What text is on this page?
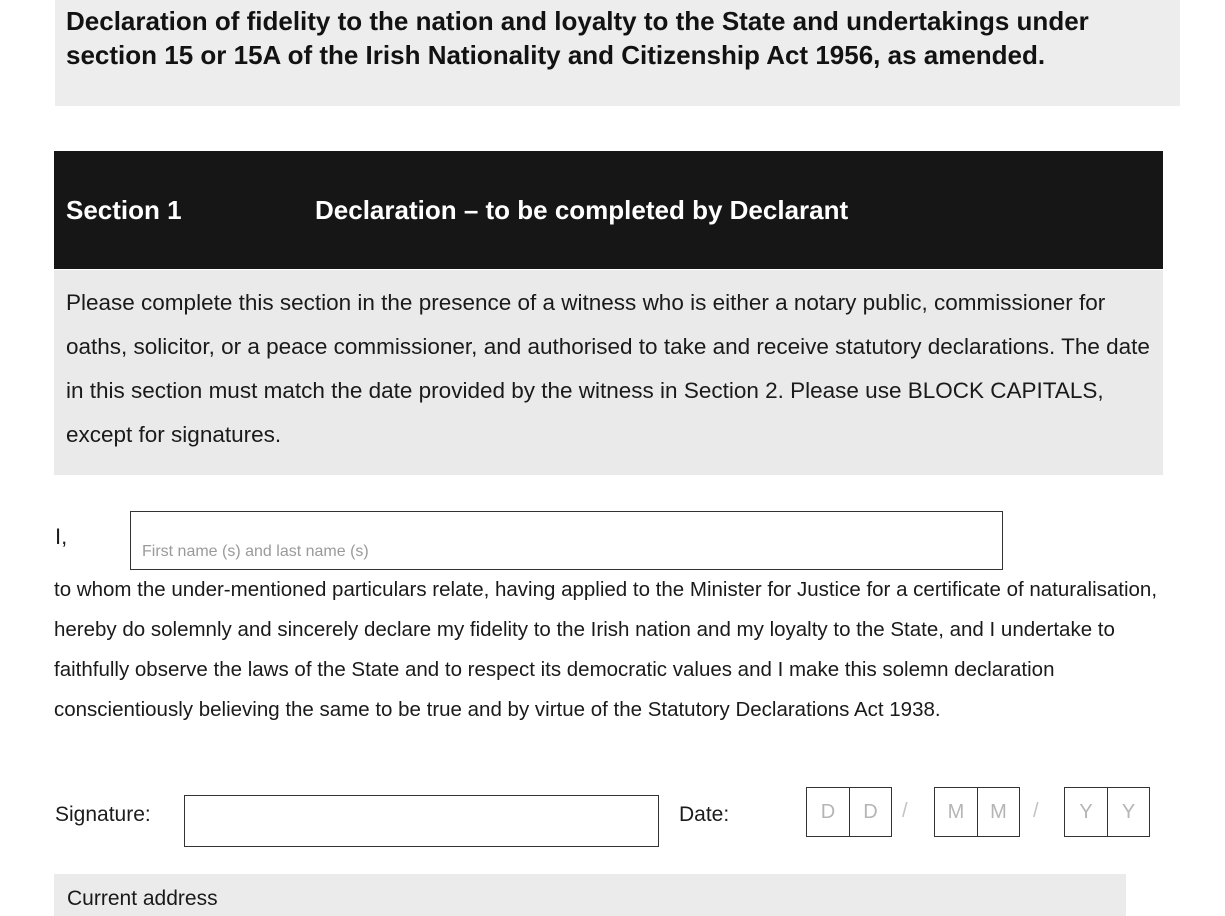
Declaration of fidelity to the nation and loyalty to the State and undertakings under section 15 or 15A of the Irish Nationality and Citizenship Act 1956, as amended.
Section 1	Declaration – to be completed by Declarant

Please complete this section in the presence of a witness who is either a notary public, commissioner for oaths, solicitor, or a peace commissioner, and authorised to take and receive statutory declarations. The date in this section must match the date provided by the witness in Section 2. Please use BLOCK CAPITALS, except for signatures.

I,
First name (s) and last name (s)

to whom the under-mentioned particulars relate, having applied to the Minister for Justice for a certificate of naturalisation, hereby do solemnly and sincerely declare my fidelity to the Irish nation and my loyalty to the State, and I undertake to faithfully observe the laws of the State and to respect its democratic values and I make this solemn declaration conscientiously believing the same to be true and by virtue of the Statutory Declarations Act 1938.

Signature:	Date:	D	D	/	M	M	/	Y	Y
Current address
